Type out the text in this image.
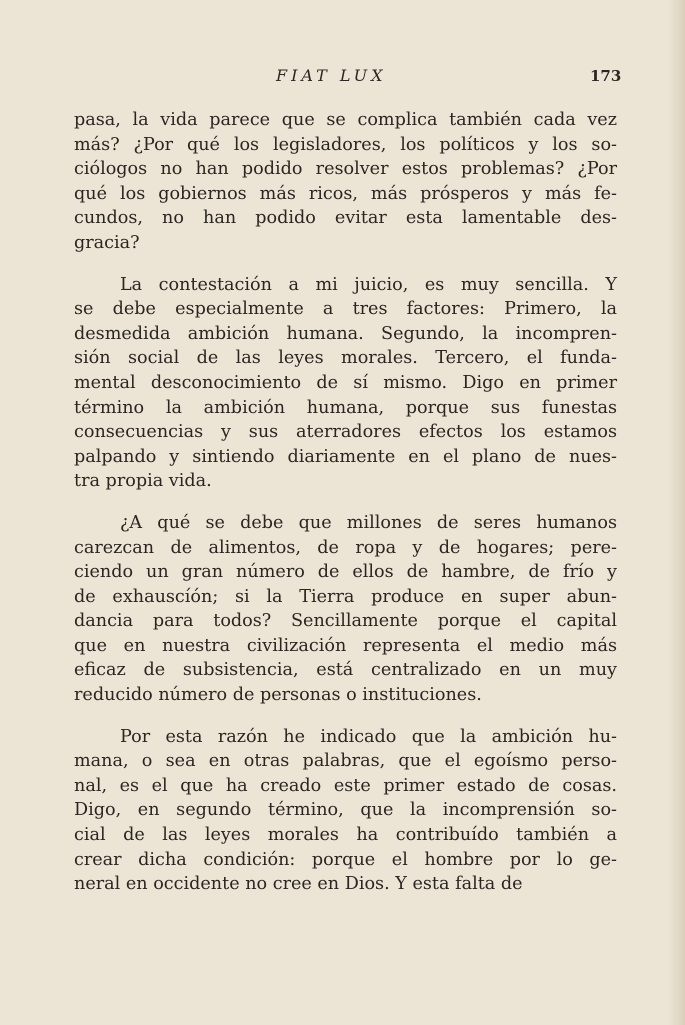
FIAT LUX	173

pasa, la vida parece que se complica también cada vez
más? ¿Por qué los legisladores, los políticos y los so-
ciólogos no han podido resolver estos problemas? ¿Por
qué los gobiernos más ricos, más prósperos y más fe-
cundos, no han podido evitar esta lamentable des-
gracia?

La contestación a mi juicio, es muy sencilla. Y
se debe especialmente a tres factores: Primero, la
desmedida ambición humana. Segundo, la incompren-
sión social de las leyes morales. Tercero, el funda-
mental desconocimiento de sí mismo. Digo en primer
término la ambición humana, porque sus funestas
consecuencias y sus aterradores efectos los estamos
palpando y sintiendo diariamente en el plano de nues-
tra propia vida.

¿A qué se debe que millones de seres humanos
carezcan de alimentos, de ropa y de hogares; pere-
ciendo un gran número de ellos de hambre, de frío y
de exhauscíón; si la Tierra produce en super abun-
dancia para todos? Sencillamente porque el capital
que en nuestra civilización representa el medio más
eficaz de subsistencia, está centralizado en un muy
reducido número de personas o instituciones.

Por esta razón he indicado que la ambición hu-
mana, o sea en otras palabras, que el egoísmo perso-
nal, es el que ha creado este primer estado de cosas.
Digo, en segundo término, que la incomprensión so-
cial de las leyes morales ha contribuído también a
crear dicha condición: porque el hombre por lo ge-
neral en occidente no cree en Dios. Y esta falta de
